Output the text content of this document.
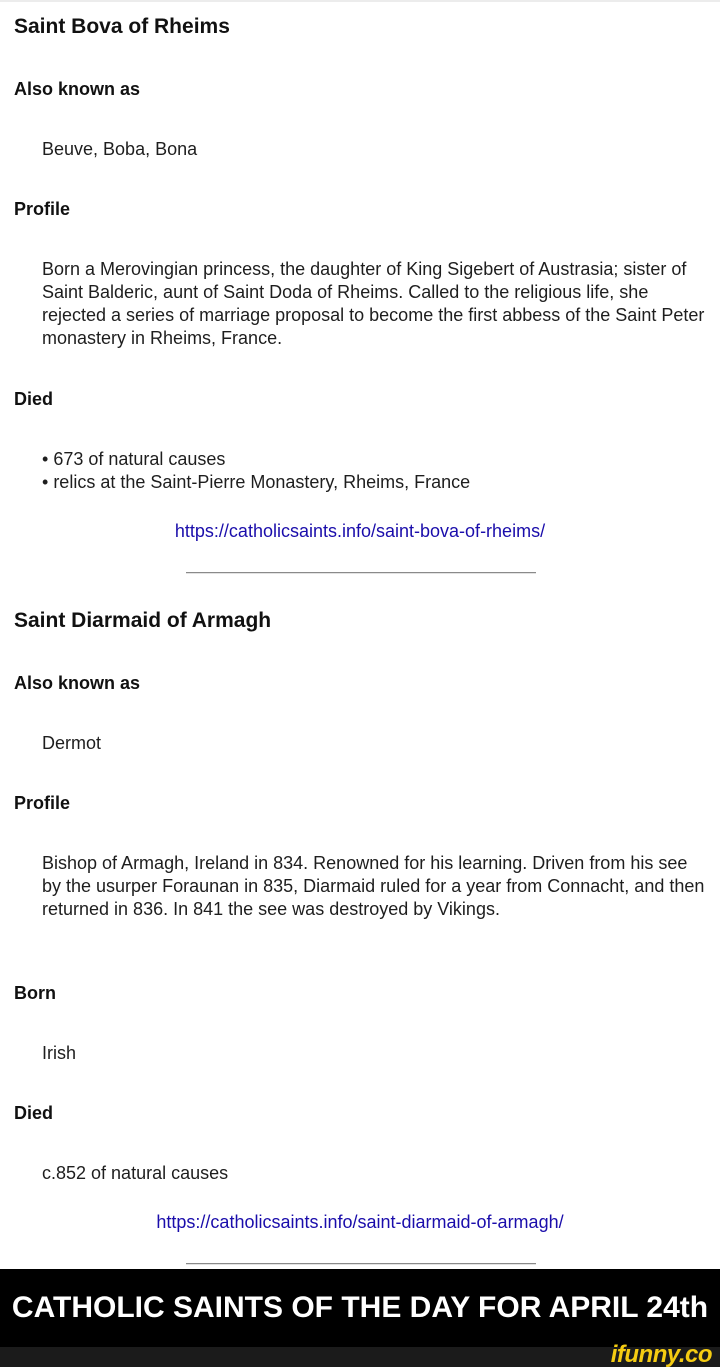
Saint Bova of Rheims
Also known as
Beuve, Boba, Bona
Profile
Born a Merovingian princess, the daughter of King Sigebert of Austrasia; sister of Saint Balderic, aunt of Saint Doda of Rheims. Called to the religious life, she rejected a series of marriage proposal to become the first abbess of the Saint Peter monastery in Rheims, France.
Died
• 673 of natural causes
• relics at the Saint-Pierre Monastery, Rheims, France
https://catholicsaints.info/saint-bova-of-rheims/
Saint Diarmaid of Armagh
Also known as
Dermot
Profile
Bishop of Armagh, Ireland in 834. Renowned for his learning. Driven from his see by the usurper Foraunan in 835, Diarmaid ruled for a year from Connacht, and then returned in 836. In 841 the see was destroyed by Vikings.
Born
Irish
Died
c.852 of natural causes
https://catholicsaints.info/saint-diarmaid-of-armagh/
CATHOLIC SAINTS OF THE DAY FOR APRIL 24th
ifunny.co
